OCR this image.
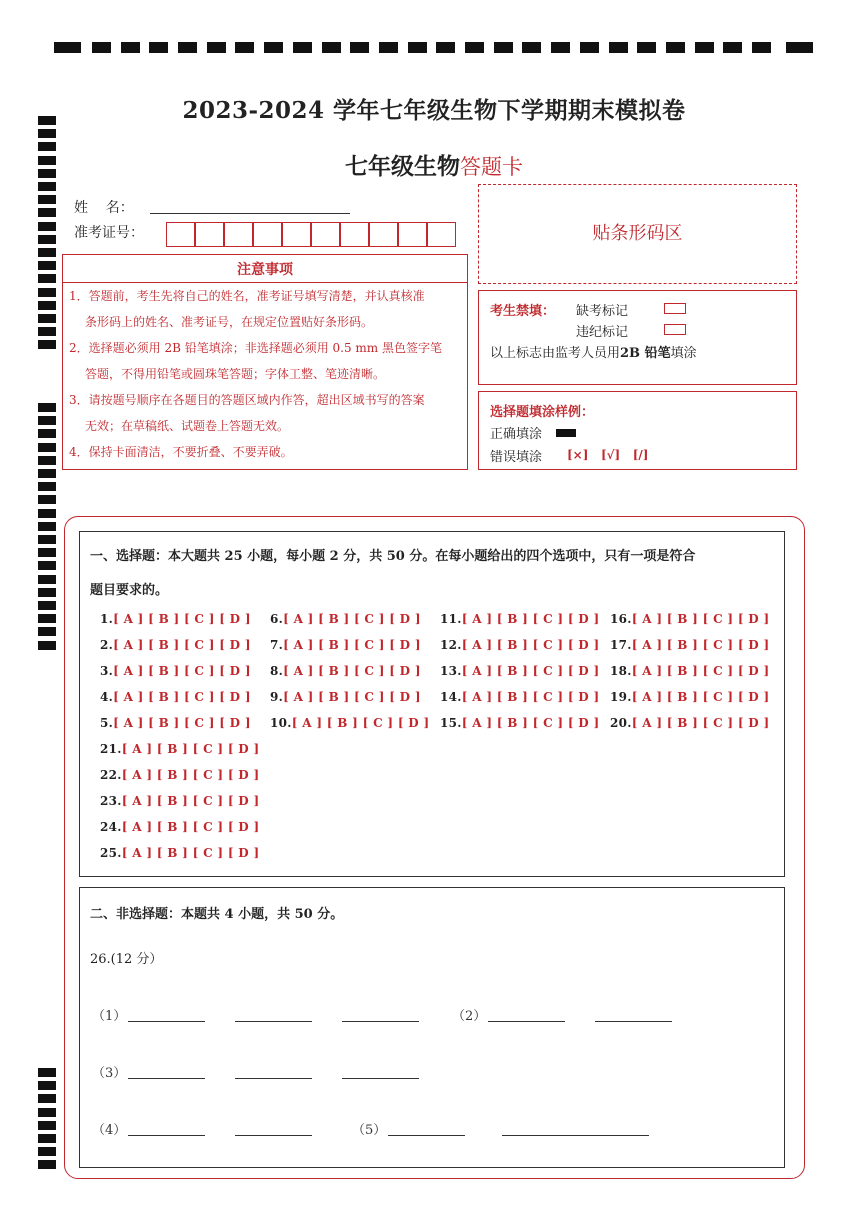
2023-2024 学年七年级生物下学期期末模拟卷
七年级生物答题卡
姓    名：
准考证号：	贴条形码区
注意事项
1．答题前，考生先将自己的姓名，准考证号填写清楚，并认真核准
条形码上的姓名、准考证号，在规定位置贴好条形码。
2．选择题必须用 2B 铅笔填涂；非选择题必须用 0.5 mm 黑色签字笔
答题，不得用铅笔或圆珠笔答题；字体工整、笔迹清晰。
3．请按题号顺序在各题目的答题区域内作答，超出区域书写的答案
无效；在草稿纸、试题卷上答题无效。
4．保持卡面清洁，不要折叠、不要弄破。
考生禁填： 缺考标记
违纪标记
以上标志由监考人员用2B 铅笔填涂
选择题填涂样例：
正确填涂
错误填涂 [×]   [√]   [/]
一、选择题：本大题共 25 小题，每小题 2 分，共 50 分。在每小题给出的四个选项中，只有一项是符合
题目要求的。
1.[ A ] [ B ] [ C ] [ D ]
2.[ A ] [ B ] [ C ] [ D ]
3.[ A ] [ B ] [ C ] [ D ]
4.[ A ] [ B ] [ C ] [ D ]
5.[ A ] [ B ] [ C ] [ D ]
6.[ A ] [ B ] [ C ] [ D ]
7.[ A ] [ B ] [ C ] [ D ]
8.[ A ] [ B ] [ C ] [ D ]
9.[ A ] [ B ] [ C ] [ D ]
10.[ A ] [ B ] [ C ] [ D ]
11.[ A ] [ B ] [ C ] [ D ]
12.[ A ] [ B ] [ C ] [ D ]
13.[ A ] [ B ] [ C ] [ D ]
14.[ A ] [ B ] [ C ] [ D ]
15.[ A ] [ B ] [ C ] [ D ]
16.[ A ] [ B ] [ C ] [ D ]
17.[ A ] [ B ] [ C ] [ D ]
18.[ A ] [ B ] [ C ] [ D ]
19.[ A ] [ B ] [ C ] [ D ]
20.[ A ] [ B ] [ C ] [ D ]
21.[ A ] [ B ] [ C ] [ D ]
22.[ A ] [ B ] [ C ] [ D ]
23.[ A ] [ B ] [ C ] [ D ]
24.[ A ] [ B ] [ C ] [ D ]
25.[ A ] [ B ] [ C ] [ D ]
二、非选择题：本题共 4 小题，共 50 分。
26.(12 分）
（1）	（2）
（3）
（4）	（5）
